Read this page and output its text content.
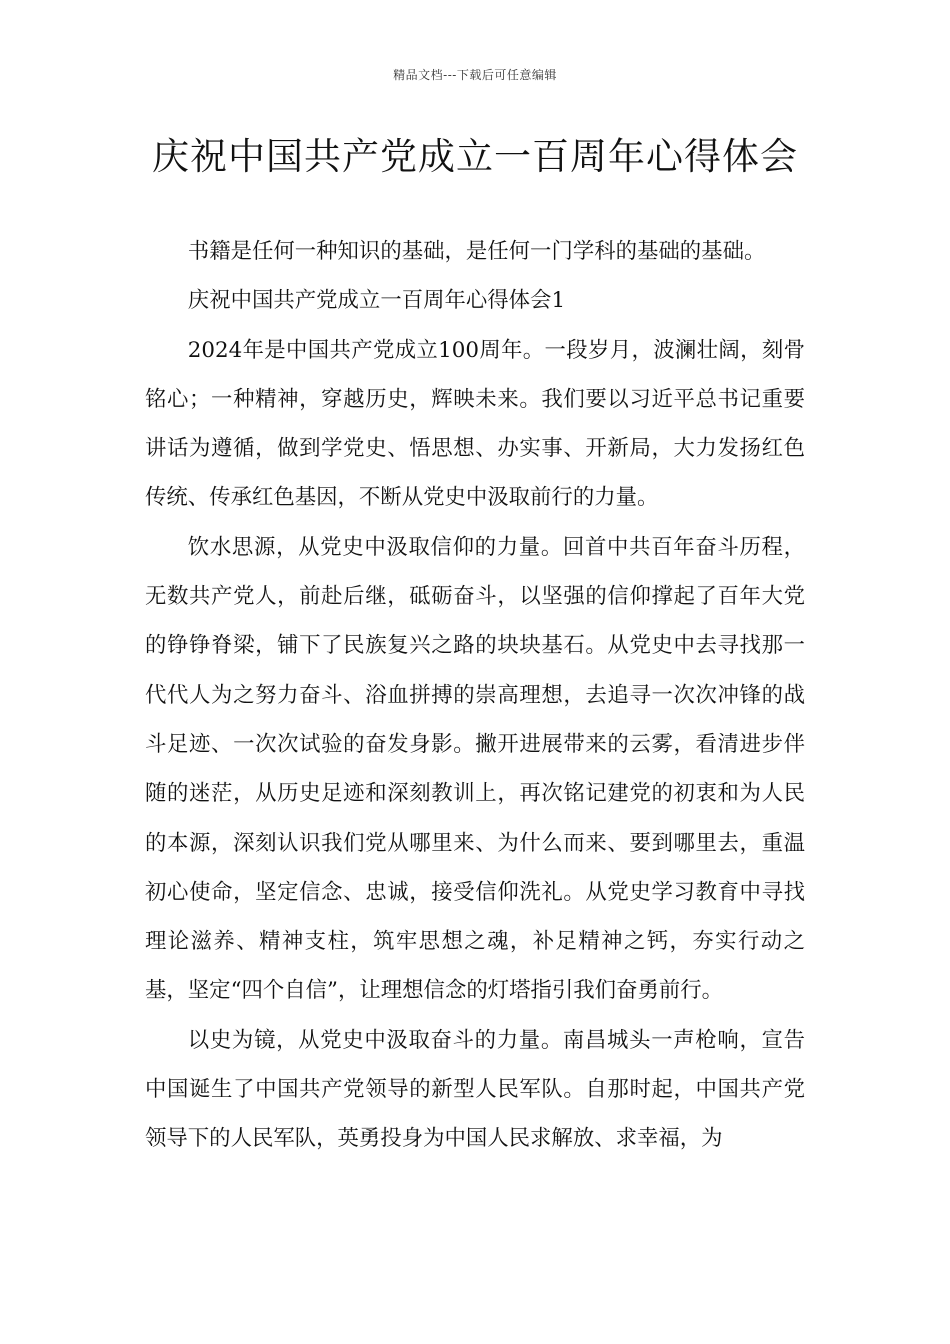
精品文档---下载后可任意编辑
庆祝中国共产党成立一百周年心得体会

书籍是任何一种知识的基础，是任何一门学科的基础的基础。

庆祝中国共产党成立一百周年心得体会1

2024年是中国共产党成立100周年。一段岁月，波澜壮阔，刻骨铭心；一种精神，穿越历史，辉映未来。我们要以习近平总书记重要讲话为遵循，做到学党史、悟思想、办实事、开新局，大力发扬红色传统、传承红色基因，不断从党史中汲取前行的力量。

饮水思源，从党史中汲取信仰的力量。回首中共百年奋斗历程，无数共产党人，前赴后继，砥砺奋斗，以坚强的信仰撑起了百年大党的铮铮脊梁，铺下了民族复兴之路的块块基石。从党史中去寻找那一代代人为之努力奋斗、浴血拼搏的崇高理想，去追寻一次次冲锋的战斗足迹、一次次试验的奋发身影。撇开进展带来的云雾，看清进步伴随的迷茫，从历史足迹和深刻教训上，再次铭记建党的初衷和为人民的本源，深刻认识我们党从哪里来、为什么而来、要到哪里去，重温初心使命，坚定信念、忠诚，接受信仰洗礼。从党史学习教育中寻找理论滋养、精神支柱，筑牢思想之魂，补足精神之钙，夯实行动之基，坚定“四个自信”，让理想信念的灯塔指引我们奋勇前行。

以史为镜，从党史中汲取奋斗的力量。南昌城头一声枪响，宣告中国诞生了中国共产党领导的新型人民军队。自那时起，中国共产党领导下的人民军队，英勇投身为中国人民求解放、求幸福，为
